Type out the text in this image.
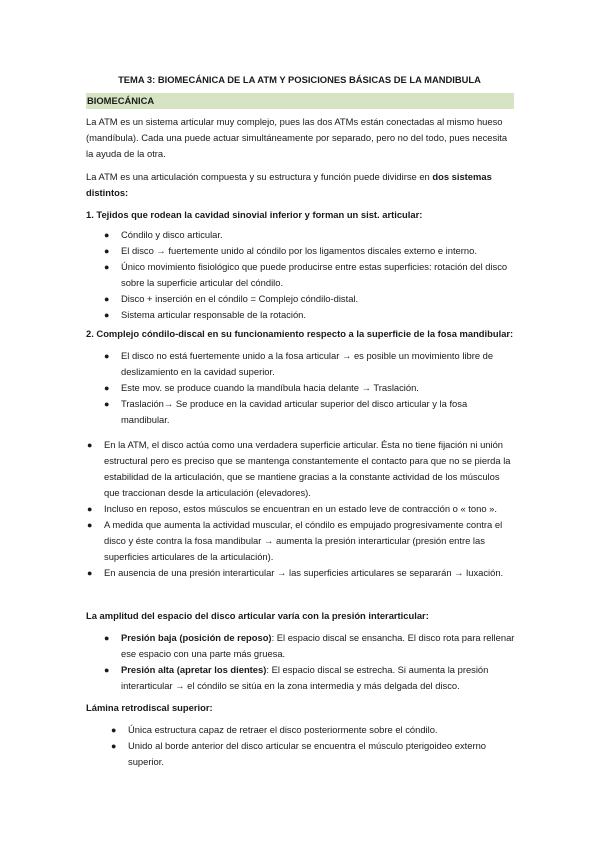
TEMA 3: BIOMECÁNICA DE LA ATM Y POSICIONES BÁSICAS DE LA MANDIBULA
BIOMECÁNICA

La ATM es un sistema articular muy complejo, pues las dos ATMs están conectadas al mismo hueso (mandíbula). Cada una puede actuar simultáneamente por separado, pero no del todo, pues necesita la ayuda de la otra.

La ATM es una articulación compuesta y su estructura y función puede dividirse en dos sistemas distintos:

1. Tejidos que rodean la cavidad sinovial inferior y forman un sist. articular:
● Cóndilo y disco articular.
● El disco → fuertemente unido al cóndilo por los ligamentos discales externo e interno.
● Único movimiento fisiológico que puede producirse entre estas superficies: rotación del disco sobre la superficie articular del cóndilo.
● Disco + inserción en el cóndilo = Complejo cóndilo-distal.
● Sistema articular responsable de la rotación.
2. Complejo cóndilo-discal en su funcionamiento respecto a la superficie de la fosa mandibular:
● El disco no está fuertemente unido a la fosa articular → es posible un movimiento libre de deslizamiento en la cavidad superior.
● Este mov. se produce cuando la mandíbula hacia delante → Traslación.
● Traslación→ Se produce en la cavidad articular superior del disco articular y la fosa mandibular.
● En la ATM, el disco actúa como una verdadera superficie articular. Ésta no tiene fijación ni unión estructural pero es preciso que se mantenga constantemente el contacto para que no se pierda la estabilidad de la articulación, que se mantiene gracias a la constante actividad de los músculos que traccionan desde la articulación (elevadores).
● Incluso en reposo, estos músculos se encuentran en un estado leve de contracción o « tono ».
● A medida que aumenta la actividad muscular, el cóndilo es empujado progresivamente contra el disco y éste contra la fosa mandibular → aumenta la presión interarticular (presión entre las superficies articulares de la articulación).
● En ausencia de una presión interarticular → las superficies articulares se separarán → luxación.
La amplitud del espacio del disco articular varía con la presión interarticular:
● Presión baja (posición de reposo): El espacio discal se ensancha. El disco rota para rellenar ese espacio con una parte más gruesa.
● Presión alta (apretar los dientes): El espacio discal se estrecha. Si aumenta la presión interarticular → el cóndilo se sitúa en la zona intermedia y más delgada del disco.
Lámina retrodiscal superior:
● Única estructura capaz de retraer el disco posteriormente sobre el cóndilo.
● Unido al borde anterior del disco articular se encuentra el músculo pterigoideo externo superior.
